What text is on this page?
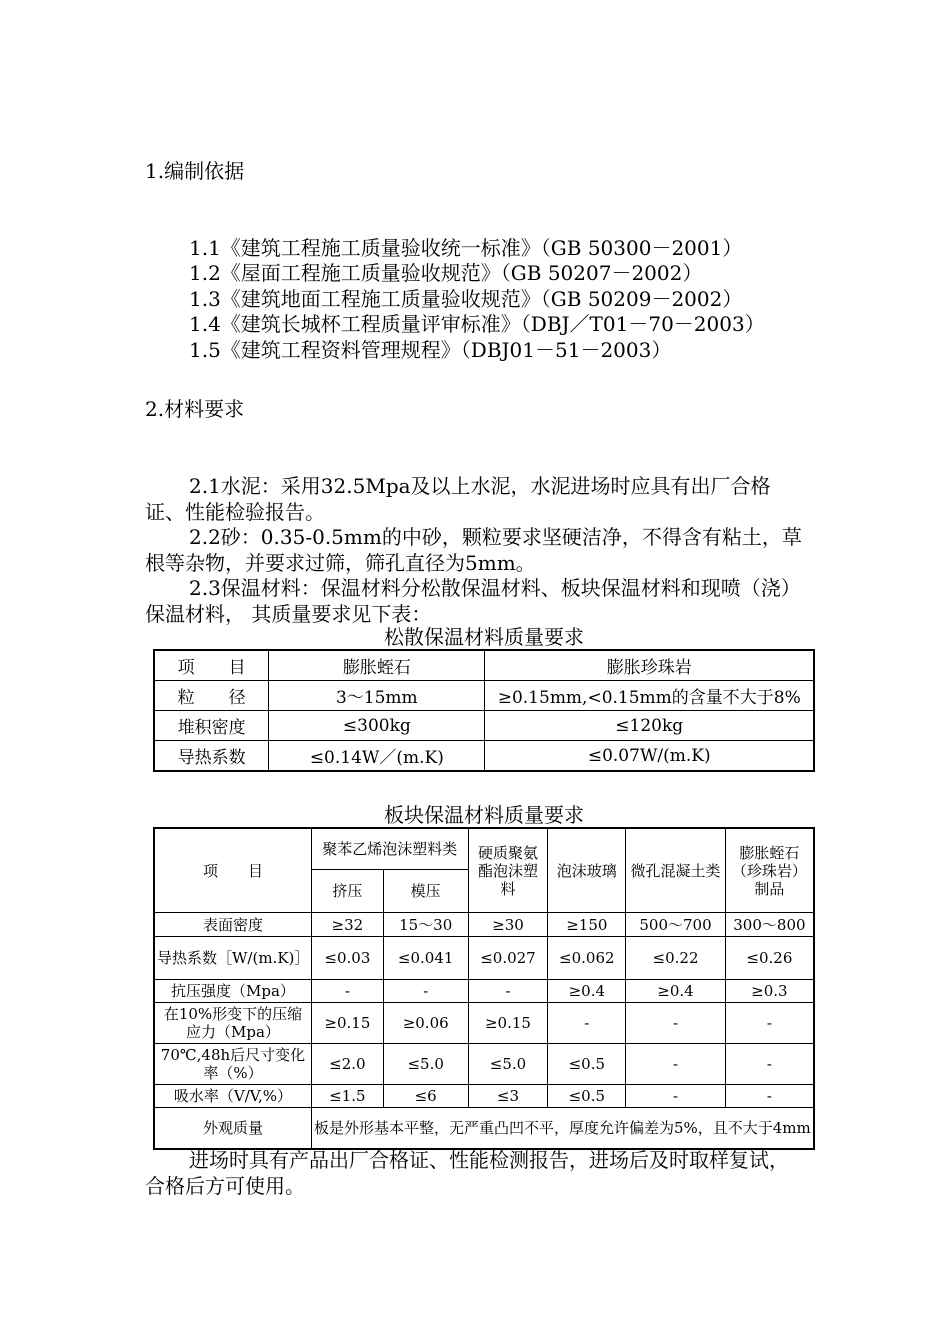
1.编制依据
1.1《建筑工程施工质量验收统一标准》（GB 50300－2001）
1.2《屋面工程施工质量验收规范》（GB 50207－2002）
1.3《建筑地面工程施工质量验收规范》（GB 50209－2002）
1.4《建筑长城杯工程质量评审标准》（DBJ／T01－70－2003）
1.5《建筑工程资料管理规程》（DBJ01－51－2003）
2.材料要求
2.1水泥：采用32.5Mpa及以上水泥，水泥进场时应具有出厂合格证、性能检验报告。
2.2砂：0.35-0.5mm的中砂，颗粒要求坚硬洁净，不得含有粘土，草根等杂物，并要求过筛，筛孔直径为5mm。
2.3保温材料：保温材料分松散保温材料、板块保温材料和现喷（浇）保温材料， 其质量要求见下表：
松散保温材料质量要求
项　　目	膨胀蛭石	膨胀珍珠岩
粒　　径	3～15mm	≥0.15mm,<0.15mm的含量不大于8%
堆积密度	≤300kg	≤120kg
导热系数	≤0.14W／(m.K)	≤0.07W/(m.K)
板块保温材料质量要求
项　　目	聚苯乙烯泡沫塑料类		硬质聚氨酯泡沫塑料	泡沫玻璃	微孔混凝土类	膨胀蛭石（珍珠岩）制品
	挤压	模压				
表面密度	≥32	15～30	≥30	≥150	500～700	300～800
导热系数［W/(m.K)］	≤0.03	≤0.041	≤0.027	≤0.062	≤0.22	≤0.26
抗压强度（Mpa）	-	-	-	≥0.4	≥0.4	≥0.3
在10%形变下的压缩应力（Mpa）	≥0.15	≥0.06	≥0.15	-	-	-
70℃,48h后尺寸变化率（%）	≤2.0	≤5.0	≤5.0	≤0.5	-	-
吸水率（V/V,%）	≤1.5	≤6	≤3	≤0.5	-	-
外观质量	板是外形基本平整，无严重凸凹不平，厚度允许偏差为5%，且不大于4mm					
进场时具有产品出厂合格证、性能检测报告，进场后及时取样复试，合格后方可使用。
